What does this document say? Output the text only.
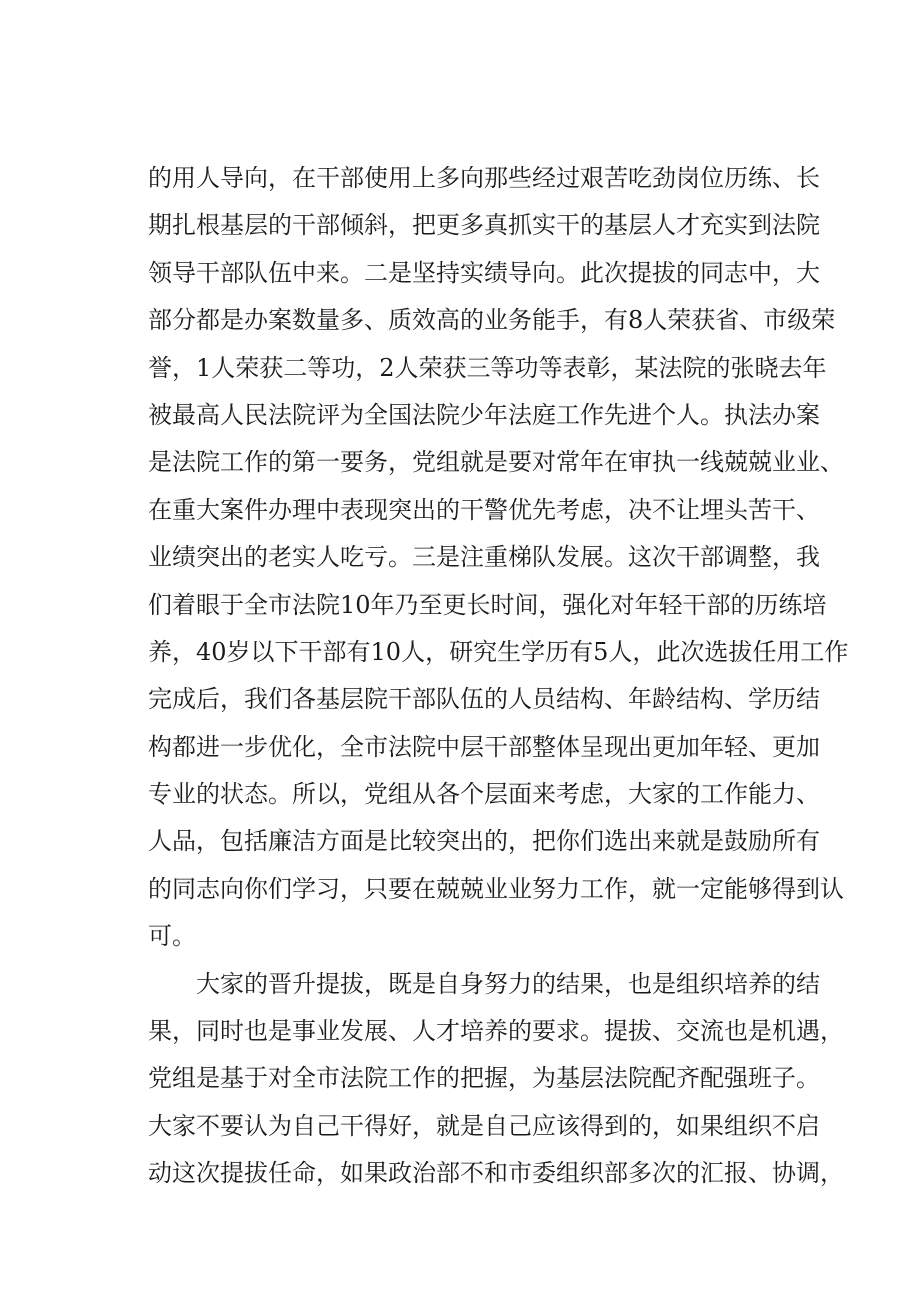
的用人导向，在干部使用上多向那些经过艰苦吃劲岗位历练、长
期扎根基层的干部倾斜，把更多真抓实干的基层人才充实到法院
领导干部队伍中来。二是坚持实绩导向。此次提拔的同志中，大
部分都是办案数量多、质效高的业务能手，有8人荣获省、市级荣
誉，1人荣获二等功，2人荣获三等功等表彰，某法院的张晓去年
被最高人民法院评为全国法院少年法庭工作先进个人。执法办案
是法院工作的第一要务，党组就是要对常年在审执一线兢兢业业、
在重大案件办理中表现突出的干警优先考虑，决不让埋头苦干、
业绩突出的老实人吃亏。三是注重梯队发展。这次干部调整，我
们着眼于全市法院10年乃至更长时间，强化对年轻干部的历练培
养，40岁以下干部有10人，研究生学历有5人，此次选拔任用工作
完成后，我们各基层院干部队伍的人员结构、年龄结构、学历结
构都进一步优化，全市法院中层干部整体呈现出更加年轻、更加
专业的状态。所以，党组从各个层面来考虑，大家的工作能力、
人品，包括廉洁方面是比较突出的，把你们选出来就是鼓励所有
的同志向你们学习，只要在兢兢业业努力工作，就一定能够得到认
可。
大家的晋升提拔，既是自身努力的结果，也是组织培养的结
果，同时也是事业发展、人才培养的要求。提拔、交流也是机遇，
党组是基于对全市法院工作的把握，为基层法院配齐配强班子。
大家不要认为自己干得好，就是自己应该得到的，如果组织不启
动这次提拔任命，如果政治部不和市委组织部多次的汇报、协调，
